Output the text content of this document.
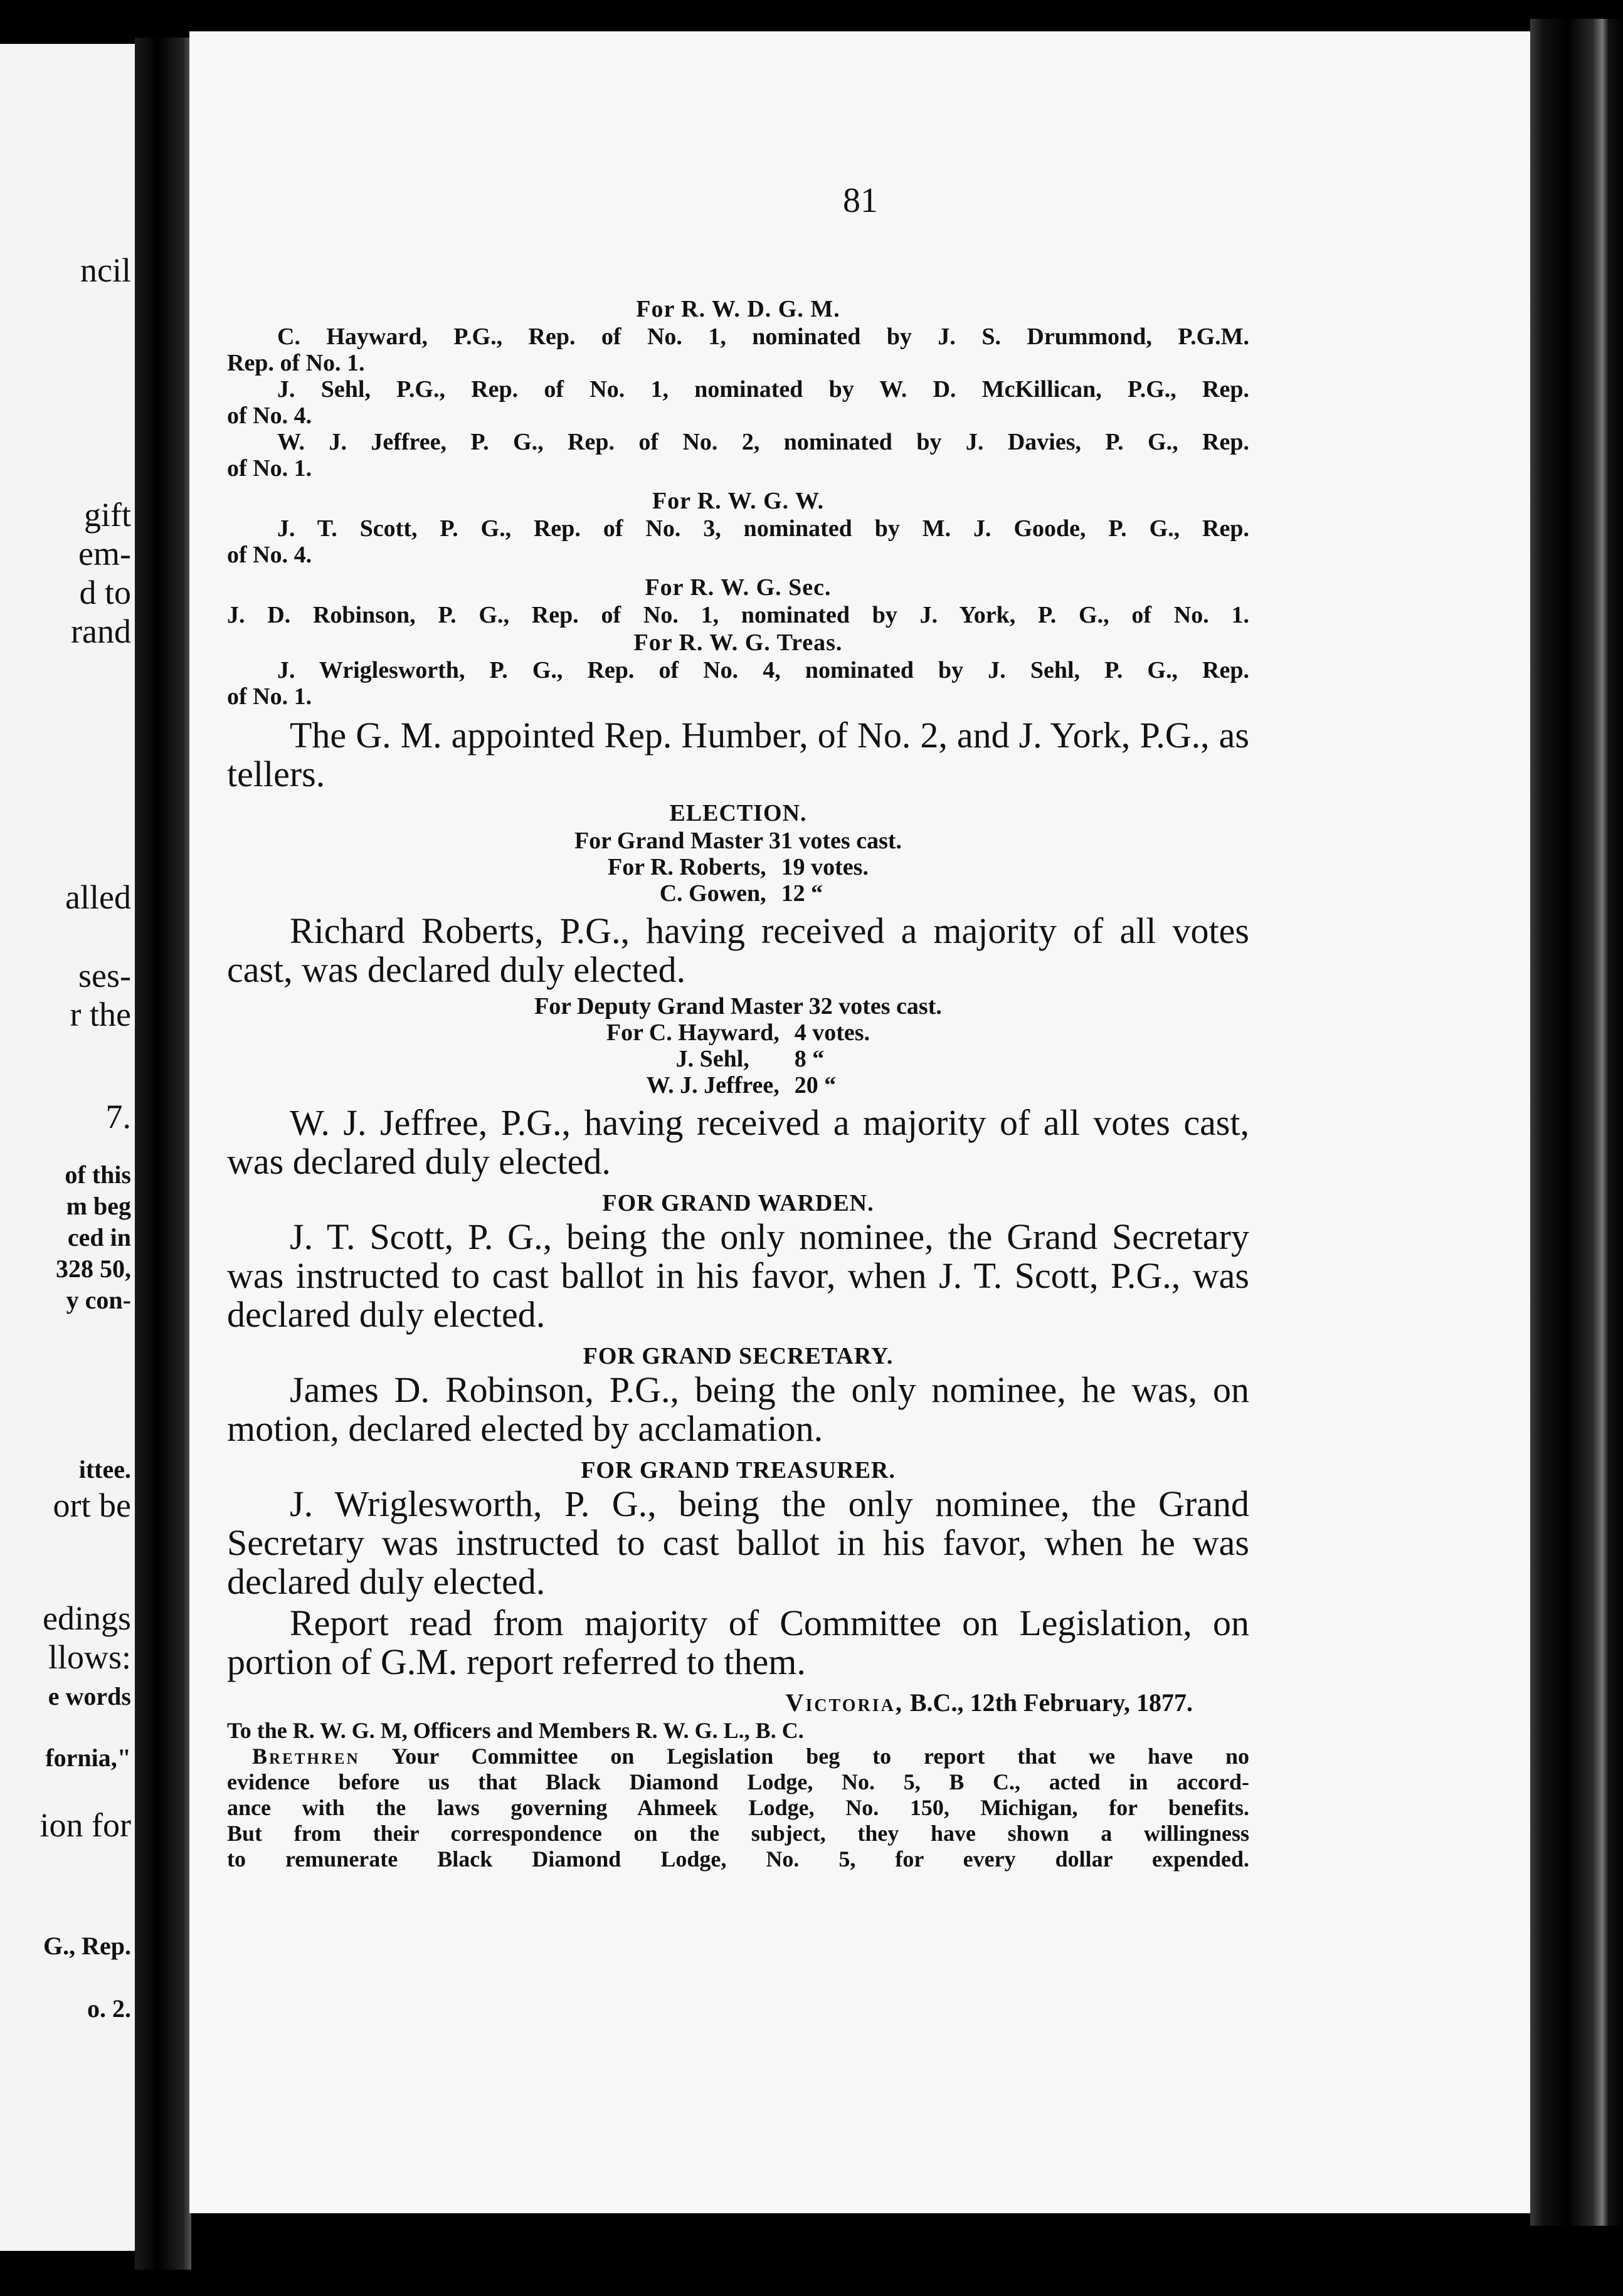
ncil
gift
em-
d to
rand
alled
ses-
r the
7.
of this
m beg
ced in
328 50,
y con-
ittee.
ort be
edings
llows:
e words
fornia,"
ion for
G., Rep.
o. 2.
81

For R. W. D. G. M.

C. Hayward, P.G., Rep. of No. 1, nominated by J. S. Drummond, P.G.M.

Rep. of No. 1.

J. Sehl, P.G., Rep. of No. 1, nominated by W. D. McKillican, P.G., Rep.

of No. 4.

W. J. Jeffree, P. G., Rep. of No. 2, nominated by J. Davies, P. G., Rep.

of No. 1.

For R. W. G. W.

J. T. Scott, P. G., Rep. of No. 3, nominated by M. J. Goode, P. G., Rep.

of No. 4.

For R. W. G. Sec.

J. D. Robinson, P. G., Rep. of No. 1, nominated by J. York, P. G., of No. 1.

For R. W. G. Treas.

J. Wriglesworth, P. G., Rep. of No. 4, nominated by J. Sehl, P. G., Rep.

of No. 1.

The G. M. appointed Rep. Humber, of No. 2, and J. York, P.G., as tellers.

ELECTION.

For Grand Master 31 votes cast.

For R. Roberts,	19 votes.
C. Gowen,	12 “

Richard Roberts, P.G., having received a majority of all votes cast, was declared duly elected.

For Deputy Grand Master 32 votes cast.

For C. Hayward,	4 votes.
J. Sehl,	8 “
W. J. Jeffree,	20 “

W. J. Jeffree, P.G., having received a majority of all votes cast, was declared duly elected.

FOR GRAND WARDEN.

J. T. Scott, P. G., being the only nominee, the Grand Secretary was instructed to cast ballot in his favor, when J. T. Scott, P.G., was declared duly elected.

FOR GRAND SECRETARY.

James D. Robinson, P.G., being the only nominee, he was, on motion, declared elected by acclamation.

FOR GRAND TREASURER.

J. Wriglesworth, P. G., being the only nominee, the Grand Secretary was instructed to cast ballot in his favor, when he was declared duly elected.

Report read from majority of Committee on Legislation, on portion of G.M. report referred to them.

Victoria, B.C., 12th February, 1877.

To the R. W. G. M, Officers and Members R. W. G. L., B. C.

Brethren Your Committee on Legislation beg to report that we have no

evidence before us that Black Diamond Lodge, No. 5, B C., acted in accord-

ance with the laws governing Ahmeek Lodge, No. 150, Michigan, for benefits.

But from their correspondence on the subject, they have shown a willingness

to remunerate Black Diamond Lodge, No. 5, for every dollar expended.
